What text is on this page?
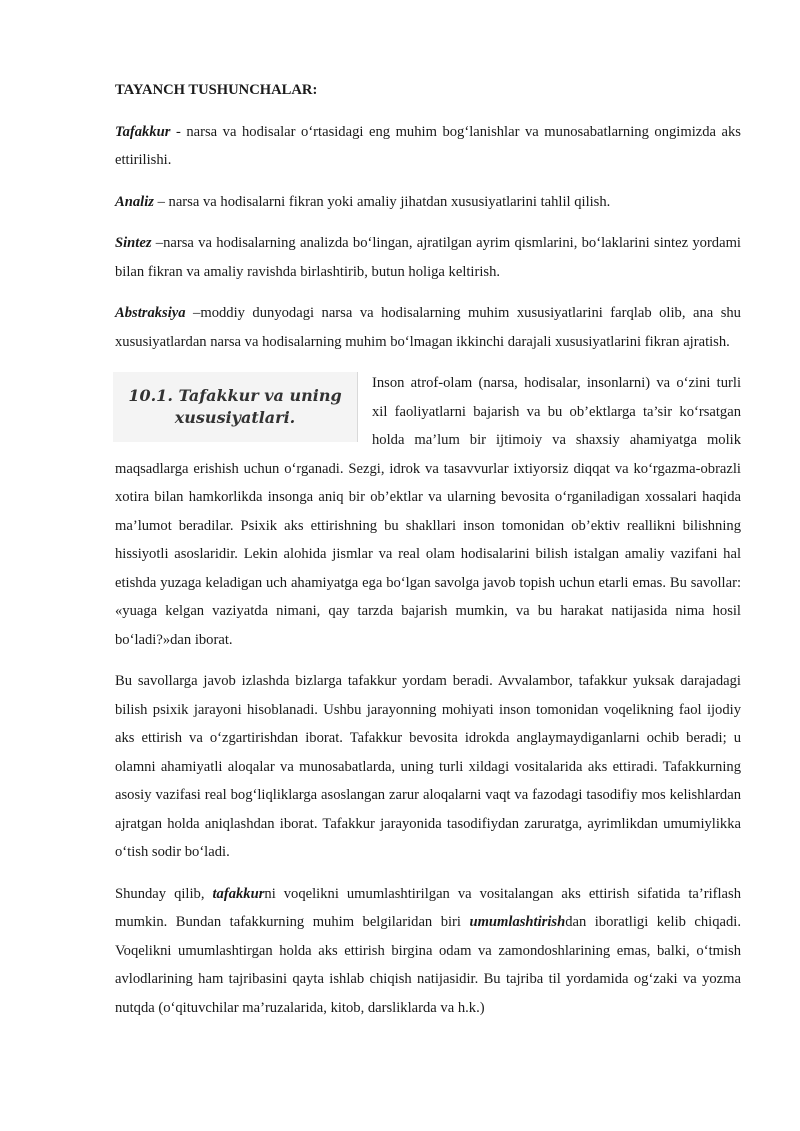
TAYANCH TUSHUNCHALAR:

Tafakkur - narsa va hodisalar o‘rtasidagi eng muhim bog‘lanishlar va munosabatlarning ongimizda aks ettirilishi.

Analiz – narsa va hodisalarni fikran yoki amaliy jihatdan xususiyatlarini tahlil qilish.

Sintez –narsa va hodisalarning analizda bo‘lingan, ajratilgan ayrim qismlarini, bo‘laklarini sintez yordami bilan fikran va amaliy ravishda birlashtirib, butun holiga keltirish.

Abstraksiya –moddiy dunyodagi narsa va hodisalarning muhim xususiyatlarini farqlab olib, ana shu xususiyatlardan narsa va hodisalarning muhim bo‘lmagan ikkinchi darajali xususiyatlarini fikran ajratish.

10.1. Tafakkur va uning xususiyatlari.
Inson atrof-olam (narsa, hodisalar, insonlarni) va o‘zini turli xil faoliyatlarni bajarish va bu ob’ektlarga ta’sir ko‘rsatgan holda ma’lum bir ijtimoiy va shaxsiy ahamiyatga molik maqsadlarga erishish uchun o‘rganadi. Sezgi, idrok va tasavvurlar ixtiyorsiz diqqat va ko‘rgazma-obrazli xotira bilan hamkorlikda insonga aniq bir ob’ektlar va ularning bevosita o‘rganiladigan xossalari haqida ma’lumot beradilar. Psixik aks ettirishning bu shakllari inson tomonidan ob’ektiv reallikni bilishning hissiyotli asoslaridir. Lekin alohida jismlar va real olam hodisalarini bilish istalgan amaliy vazifani hal etishda yuzaga keladigan uch ahamiyatga ega bo‘lgan savolga javob topish uchun etarli emas. Bu savollar: «yuaga kelgan vaziyatda nimani, qay tarzda bajarish mumkin, va bu harakat natijasida nima hosil bo‘ladi?»dan iborat.

Bu savollarga javob izlashda bizlarga tafakkur yordam beradi. Avvalambor, tafakkur yuksak darajadagi bilish psixik jarayoni hisoblanadi. Ushbu jarayonning mohiyati inson tomonidan voqelikning faol ijodiy aks ettirish va o‘zgartirishdan iborat. Tafakkur bevosita idrokda anglaymaydiganlarni ochib beradi; u olamni ahamiyatli aloqalar va munosabatlarda, uning turli xildagi vositalarida aks ettiradi. Tafakkurning asosiy vazifasi real bog‘liqliklarga asoslangan zarur aloqalarni vaqt va fazodagi tasodifiy mos kelishlardan ajratgan holda aniqlashdan iborat. Tafakkur jarayonida tasodifiydan zaruratga, ayrimlikdan umumiylikka o‘tish sodir bo‘ladi.

Shunday qilib, tafakkurni voqelikni umumlashtirilgan va vositalangan aks ettirish sifatida ta’riflash mumkin. Bundan tafakkurning muhim belgilaridan biri umumlashtirishdan iboratligi kelib chiqadi. Voqelikni umumlashtirgan holda aks ettirish birgina odam va zamondoshlarining emas, balki, o‘tmish avlodlarining ham tajribasini qayta ishlab chiqish natijasidir. Bu tajriba til yordamida og‘zaki va yozma nutqda (o‘qituvchilar ma’ruzalarida, kitob, darsliklarda va h.k.)
